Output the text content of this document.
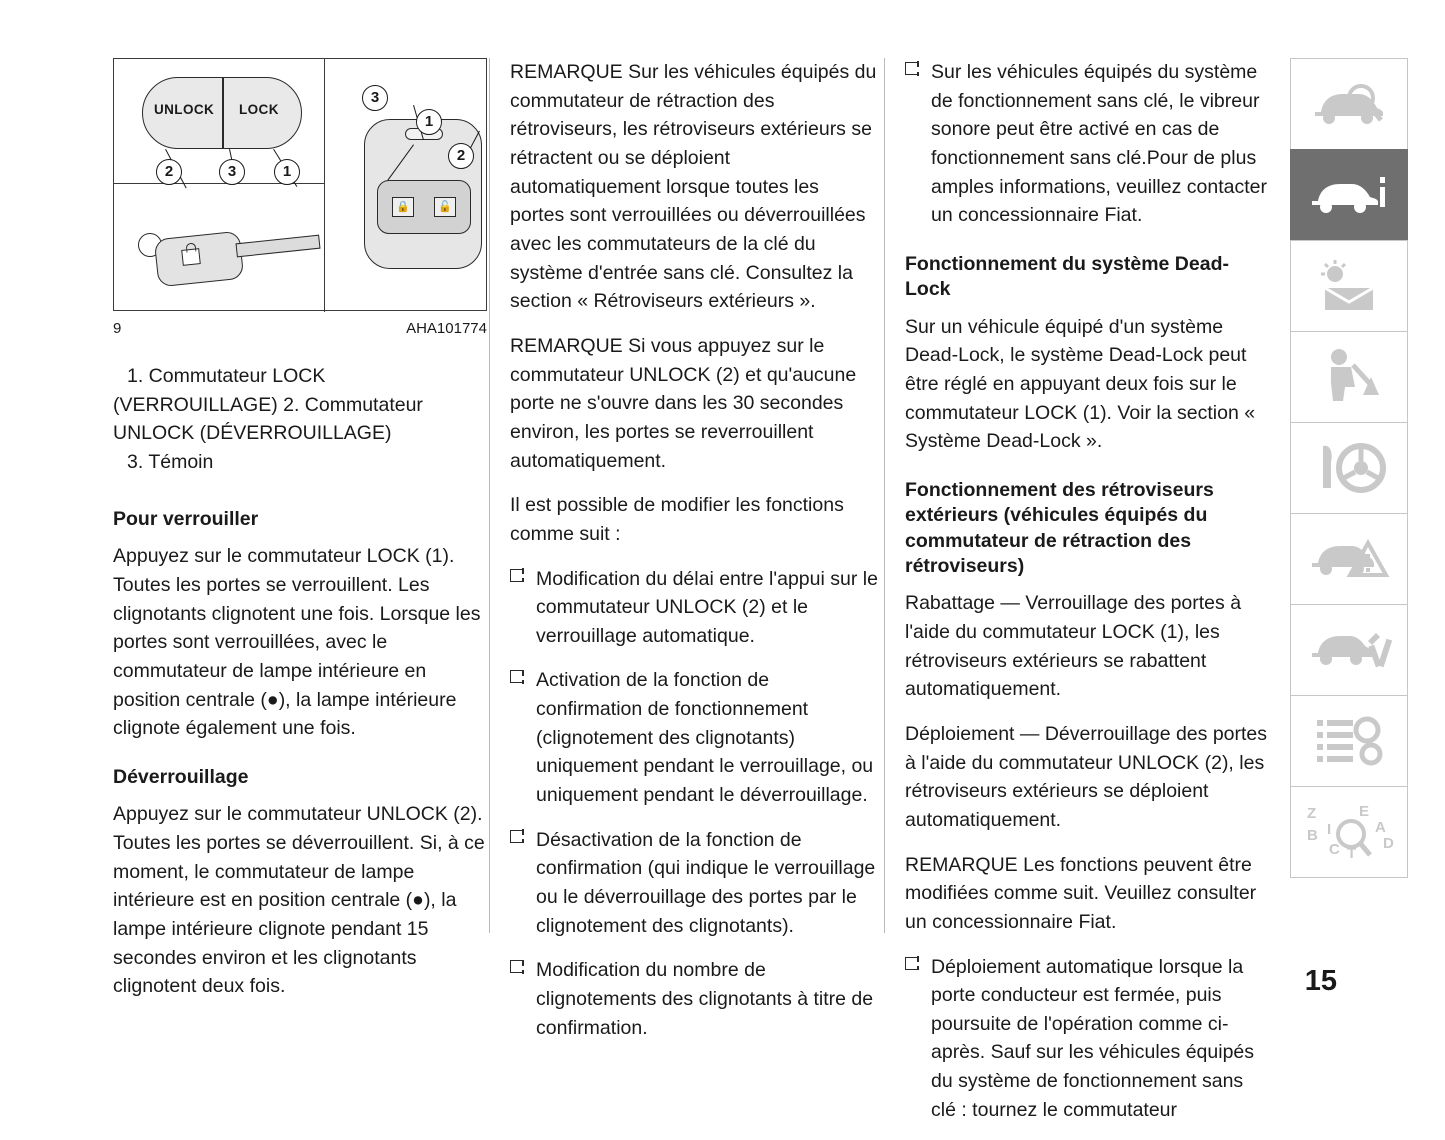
UNLOCK LOCK
2	3	1
🔒	🔓
3
1
2
9	AHA101774
1. Commutateur LOCK
(VERROUILLAGE) 2. Commutateur
UNLOCK (DÉVERROUILLAGE)
3. Témoin
Pour verrouiller

Appuyez sur le commutateur LOCK (1). Toutes les portes se verrouillent. Les clignotants clignotent une fois. Lorsque les portes sont verrouillées, avec le commutateur de lampe intérieure en position centrale (●), la lampe intérieure clignote également une fois.

Déverrouillage

Appuyez sur le commutateur UNLOCK (2). Toutes les portes se déverrouillent. Si, à ce moment, le commutateur de lampe intérieure est en position centrale (●), la lampe intérieure clignote pendant 15 secondes environ et les clignotants clignotent deux fois.

REMARQUE Sur les véhicules équipés du commutateur de rétraction des rétroviseurs, les rétroviseurs extérieurs se rétractent ou se déploient automatiquement lorsque toutes les portes sont verrouillées ou déverrouillées avec les commutateurs de la clé du système d'entrée sans clé. Consultez la section « Rétroviseurs extérieurs ».

REMARQUE Si vous appuyez sur le commutateur UNLOCK (2) et qu'aucune porte ne s'ouvre dans les 30 secondes environ, les portes se reverrouillent automatiquement.

Il est possible de modifier les fonctions comme suit :

Modification du délai entre l'appui sur le commutateur UNLOCK (2) et le verrouillage automatique.

Activation de la fonction de confirmation de fonctionnement (clignotement des clignotants) uniquement pendant le verrouillage, ou uniquement pendant le déverrouillage.

Désactivation de la fonction de confirmation (qui indique le verrouillage ou le déverrouillage des portes par le clignotement des clignotants).

Modification du nombre de clignotements des clignotants à titre de confirmation.

Sur les véhicules équipés du système de fonctionnement sans clé, le vibreur sonore peut être activé en cas de fonctionnement sans clé.Pour de plus amples informations, veuillez contacter un concessionnaire Fiat.

Fonctionnement du système Dead-Lock

Sur un véhicule équipé d'un système Dead-Lock, le système Dead-Lock peut être réglé en appuyant deux fois sur le commutateur LOCK (1). Voir la section « Système Dead-Lock ».

Fonctionnement des rétroviseurs extérieurs (véhicules équipés du commutateur de rétraction des rétroviseurs)

Rabattage — Verrouillage des portes à l'aide du commutateur LOCK (1), les rétroviseurs extérieurs se rabattent automatiquement.

Déploiement — Déverrouillage des portes à l'aide du commutateur UNLOCK (2), les rétroviseurs extérieurs se déploient automatiquement.

REMARQUE Les fonctions peuvent être modifiées comme suit. Veuillez consulter un concessionnaire Fiat.

Déploiement automatique lorsque la porte conducteur est fermée, puis poursuite de l'opération comme ci-après. Sauf sur les véhicules équipés du système de fonctionnement sans clé : tournez le commutateur

Z	E
A
B	D
C T
I
15
